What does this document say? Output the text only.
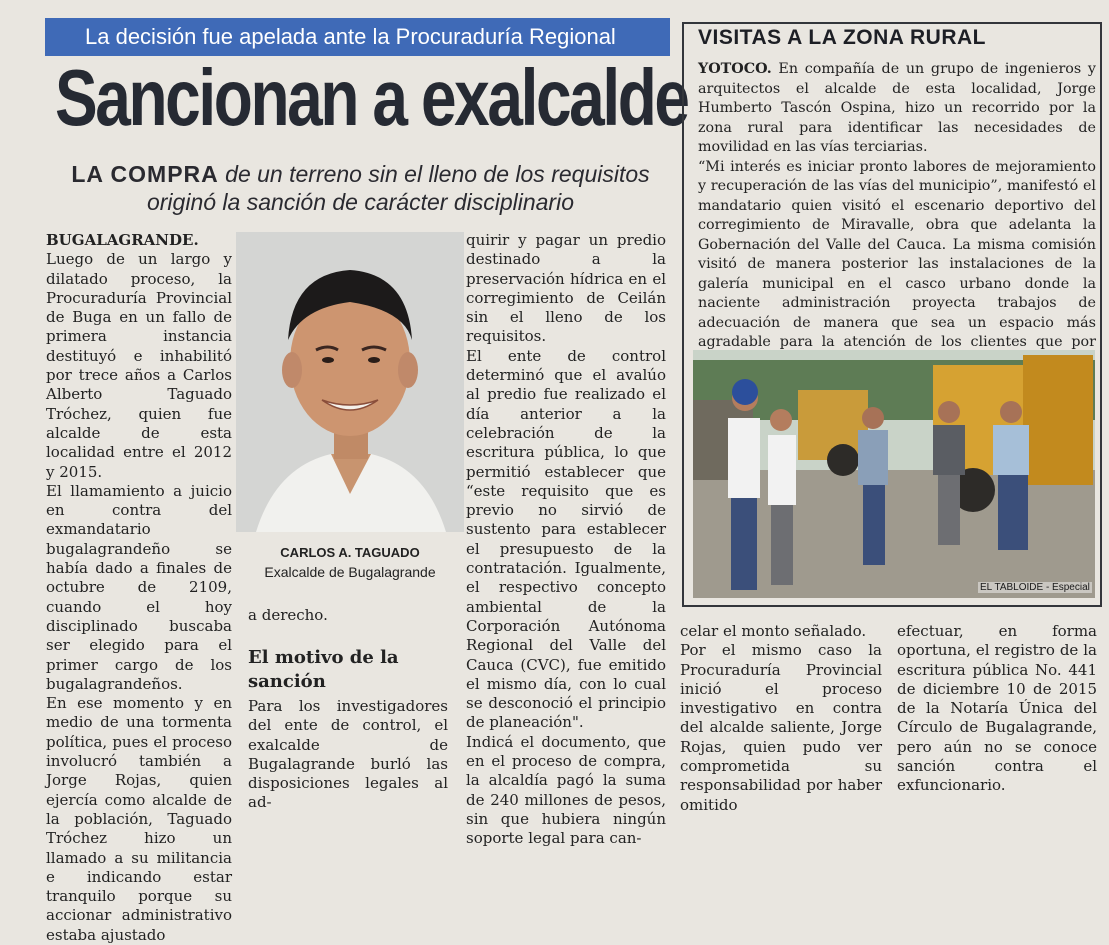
La decisión fue apelada ante la Procuraduría Regional
Sancionan a exalcalde
LA COMPRA de un terreno sin el lleno de los requisitos originó la sanción de carácter disciplinario

BUGALAGRANDE. Luego de un largo y dilatado proceso, la Procuraduría Provincial de Buga en un fallo de primera instancia destituyó e inhabilitó por trece años a Carlos Alberto Taguado Tróchez, quien fue alcalde de esta localidad entre el 2012 y 2015.

El llamamiento a juicio en contra del exmandatario bugalagrandeño se había dado a finales de octubre de 2109, cuando el hoy disciplinado buscaba ser elegido para el primer cargo de los bugalagrandeños.

En ese momento y en medio de una tormenta política, pues el proceso involucró también a Jorge Rojas, quien ejercía como alcalde de la población, Taguado Tróchez hizo un llamado a su militancia e indicando estar tranquilo porque su accionar administrativo estaba ajustado

CARLOS A. TAGUADO
Exalcalde de Bugalagrande

a derecho.

El motivo de la sanción

Para los investigadores del ente de control, el exalcalde de Bugalagrande burló las disposiciones legales al ad-

quirir y pagar un predio destinado a la preservación hídrica en el corregimiento de Ceilán sin el lleno de los requisitos.

El ente de control determinó que el avalúo al predio fue realizado el día anterior a la celebración de la escritura pública, lo que permitió establecer que “este requisito que es previo no sirvió de sustento para establecer el presupuesto de la contratación. Igualmente, el respectivo concepto ambiental de la Corporación Autónoma Regional del Valle del Cauca (CVC), fue emitido el mismo día, con lo cual se desconoció el principio de planeación".

Indicá el documento, que en el proceso de compra, la alcaldía pagó la suma de 240 millones de pesos, sin que hubiera ningún soporte legal para can-

VISITAS A LA ZONA RURAL

YOTOCO. En compañía de un grupo de ingenieros y arquitectos el alcalde de esta localidad, Jorge Humberto Tascón Ospina, hizo un recorrido por la zona rural para identificar las necesidades de movilidad en las vías terciarias.

“Mi interés es iniciar pronto labores de mejoramiento y recuperación de las vías del municipio”, manifestó el mandatario quien visitó el escenario deportivo del corregimiento de Miravalle, obra que adelanta la Gobernación del Valle del Cauca. La misma comisión visitó de manera posterior las instalaciones de la galería municipal en el casco urbano donde la naciente administración proyecta trabajos de adecuación de manera que sea un espacio más agradable para la atención de los clientes que por

EL TABLOIDE - Especial

celar el monto señalado.

Por el mismo caso la Procuraduría Provincial inició el proceso investigativo en contra del alcalde saliente, Jorge Rojas, quien pudo ver comprometida su responsabilidad por haber omitido

efectuar, en forma oportuna, el registro de la escritura pública No. 441 de diciembre 10 de 2015 de la Notaría Única del Círculo de Bugalagrande, pero aún no se conoce sanción contra el exfuncionario.
